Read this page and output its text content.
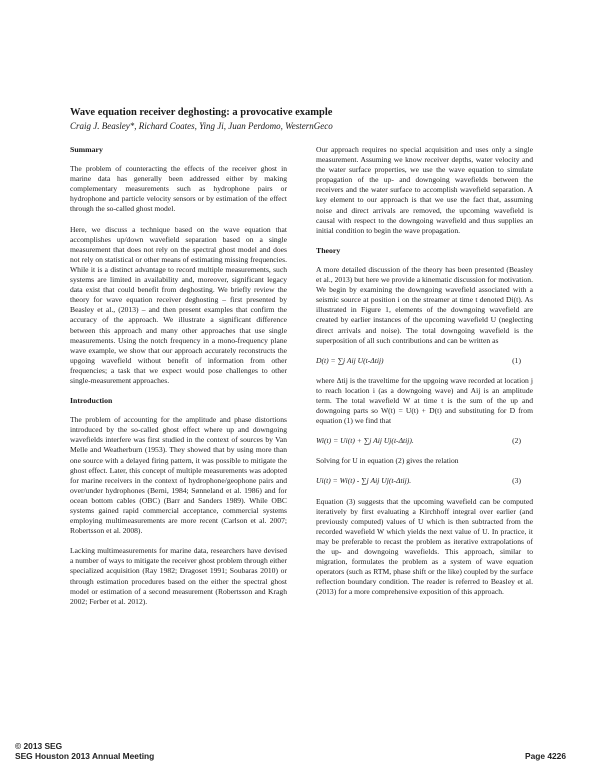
Wave equation receiver deghosting: a provocative example
Craig J. Beasley*, Richard Coates, Ying Ji, Juan Perdomo, WesternGeco
Summary

The problem of counteracting the effects of the receiver ghost in marine data has generally been addressed either by making complementary measurements such as hydrophone pairs or hydrophone and particle velocity sensors or by estimation of the effect through the so-called ghost model.

Here, we discuss a technique based on the wave equation that accomplishes up/down wavefield separation based on a single measurement that does not rely on the spectral ghost model and does not rely on statistical or other means of estimating missing frequencies. While it is a distinct advantage to record multiple measurements, such systems are limited in availability and, moreover, significant legacy data exist that could benefit from deghosting. We briefly review the theory for wave equation receiver deghosting – first presented by Beasley et al., (2013) – and then present examples that confirm the accuracy of the approach. We illustrate a significant difference between this approach and many other approaches that use single measurements. Using the notch frequency in a mono-frequency plane wave example, we show that our approach accurately reconstructs the upgoing wavefield without benefit of information from other frequencies; a task that we expect would pose challenges to other single-measurement approaches.

Introduction

The problem of accounting for the amplitude and phase distortions introduced by the so-called ghost effect where up and downgoing wavefields interfere was first studied in the context of sources by Van Melle and Weatherburn (1953). They showed that by using more than one source with a delayed firing pattern, it was possible to mitigate the ghost effect. Later, this concept of multiple measurements was adopted for marine receivers in the context of hydrophone/geophone pairs and over/under hydrophones (Berni, 1984; Sønneland et al. 1986) and for ocean bottom cables (OBC) (Barr and Sanders 1989). While OBC systems gained rapid commercial acceptance, commercial systems employing multimeasurements are more recent (Carlson et al. 2007; Robertsson et al. 2008).

Lacking multimeasurements for marine data, researchers have devised a number of ways to mitigate the receiver ghost problem through either specialized acquisition (Ray 1982; Dragoset 1991; Soubaras 2010) or through estimation procedures based on the either the spectral ghost model or estimation of a second measurement (Robertsson and Kragh 2002; Ferber et al. 2012).

Our approach requires no special acquisition and uses only a single measurement. Assuming we know receiver depths, water velocity and the water surface properties, we use the wave equation to simulate propagation of the up- and downgoing wavefields between the receivers and the water surface to accomplish wavefield separation. A key element to our approach is that we use the fact that, assuming noise and direct arrivals are removed, the upcoming wavefield is causal with respect to the downgoing wavefield and thus supplies an initial condition to begin the wave propagation.

Theory

A more detailed discussion of the theory has been presented (Beasley et al., 2013) but here we provide a kinematic discussion for motivation. We begin by examining the downgoing wavefield associated with a seismic source at position i on the streamer at time t denoted Di(t). As illustrated in Figure 1, elements of the downgoing wavefield are created by earlier instances of the upcoming wavefield U (neglecting direct arrivals and noise). The total downgoing wavefield is the superposition of all such contributions and can be written as

D(t) = ∑j Aij U(t-Δtij)	(1)

where Δtij is the traveltime for the upgoing wave recorded at location j to reach location i (as a downgoing wave) and Aij is an amplitude term. The total wavefield W at time t is the sum of the up and downgoing parts so W(t) = U(t) + D(t) and substituting for D from equation (1) we find that

Wi(t) = Ui(t) + ∑j Aij Uj(t-Δtij).	(2)

Solving for U in equation (2) gives the relation

Ui(t) = Wi(t) - ∑j Aij Uj(t-Δtij).	(3)

Equation (3) suggests that the upcoming wavefield can be computed iteratively by first evaluating a Kirchhoff integral over earlier (and previously computed) values of U which is then subtracted from the recorded wavefield W which yields the next value of U. In practice, it may be preferable to recast the problem as iterative extrapolations of the up- and downgoing wavefields. This approach, similar to migration, formulates the problem as a system of wave equation operators (such as RTM, phase shift or the like) coupled by the surface reflection boundary condition. The reader is referred to Beasley et al. (2013) for a more comprehensive exposition of this approach.

© 2013 SEG
SEG Houston 2013 Annual Meeting	Page 4226
